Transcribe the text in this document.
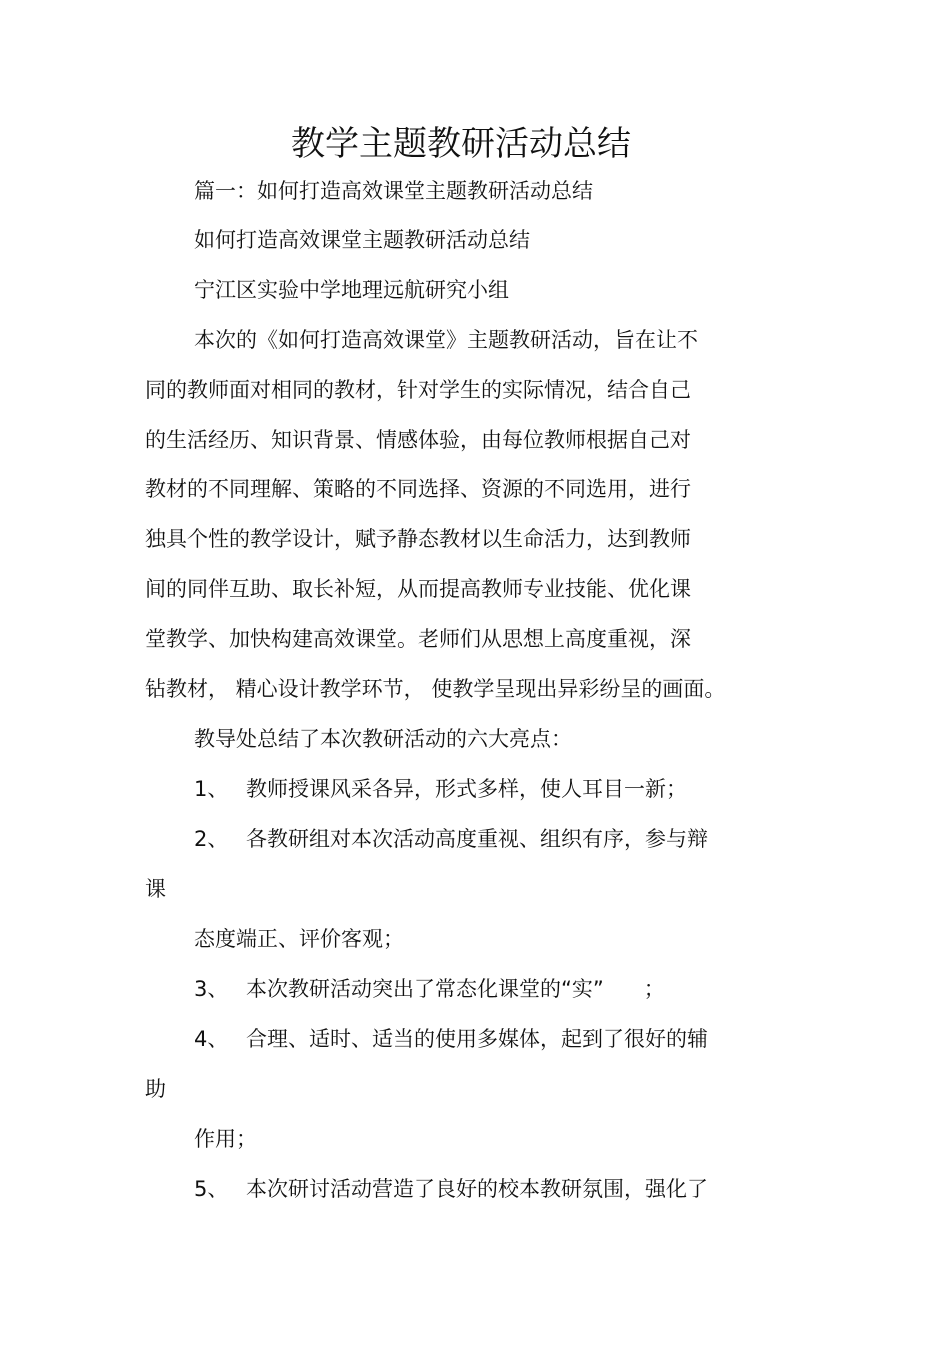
教学主题教研活动总结
篇一：如何打造高效课堂主题教研活动总结
如何打造高效课堂主题教研活动总结
宁江区实验中学地理远航研究小组
本次的《如何打造高效课堂》主题教研活动，旨在让不
同的教师面对相同的教材，针对学生的实际情况，结合自己
的生活经历、知识背景、情感体验，由每位教师根据自己对
教材的不同理解、策略的不同选择、资源的不同选用，进行
独具个性的教学设计，赋予静态教材以生命活力，达到教师
间的同伴互助、取长补短，从而提高教师专业技能、优化课
堂教学、加快构建高效课堂。老师们从思想上高度重视，深
钻教材， 精心设计教学环节， 使教学呈现出异彩纷呈的画面。
教导处总结了本次教研活动的六大亮点：
1、 教师授课风采各异，形式多样，使人耳目一新；
2、 各教研组对本次活动高度重视、组织有序，参与辩
课
态度端正、评价客观；
3、 本次教研活动突出了常态化课堂的“实”      ；
4、 合理、适时、适当的使用多媒体，起到了很好的辅
助
作用；
5、 本次研讨活动营造了良好的校本教研氛围，强化了
